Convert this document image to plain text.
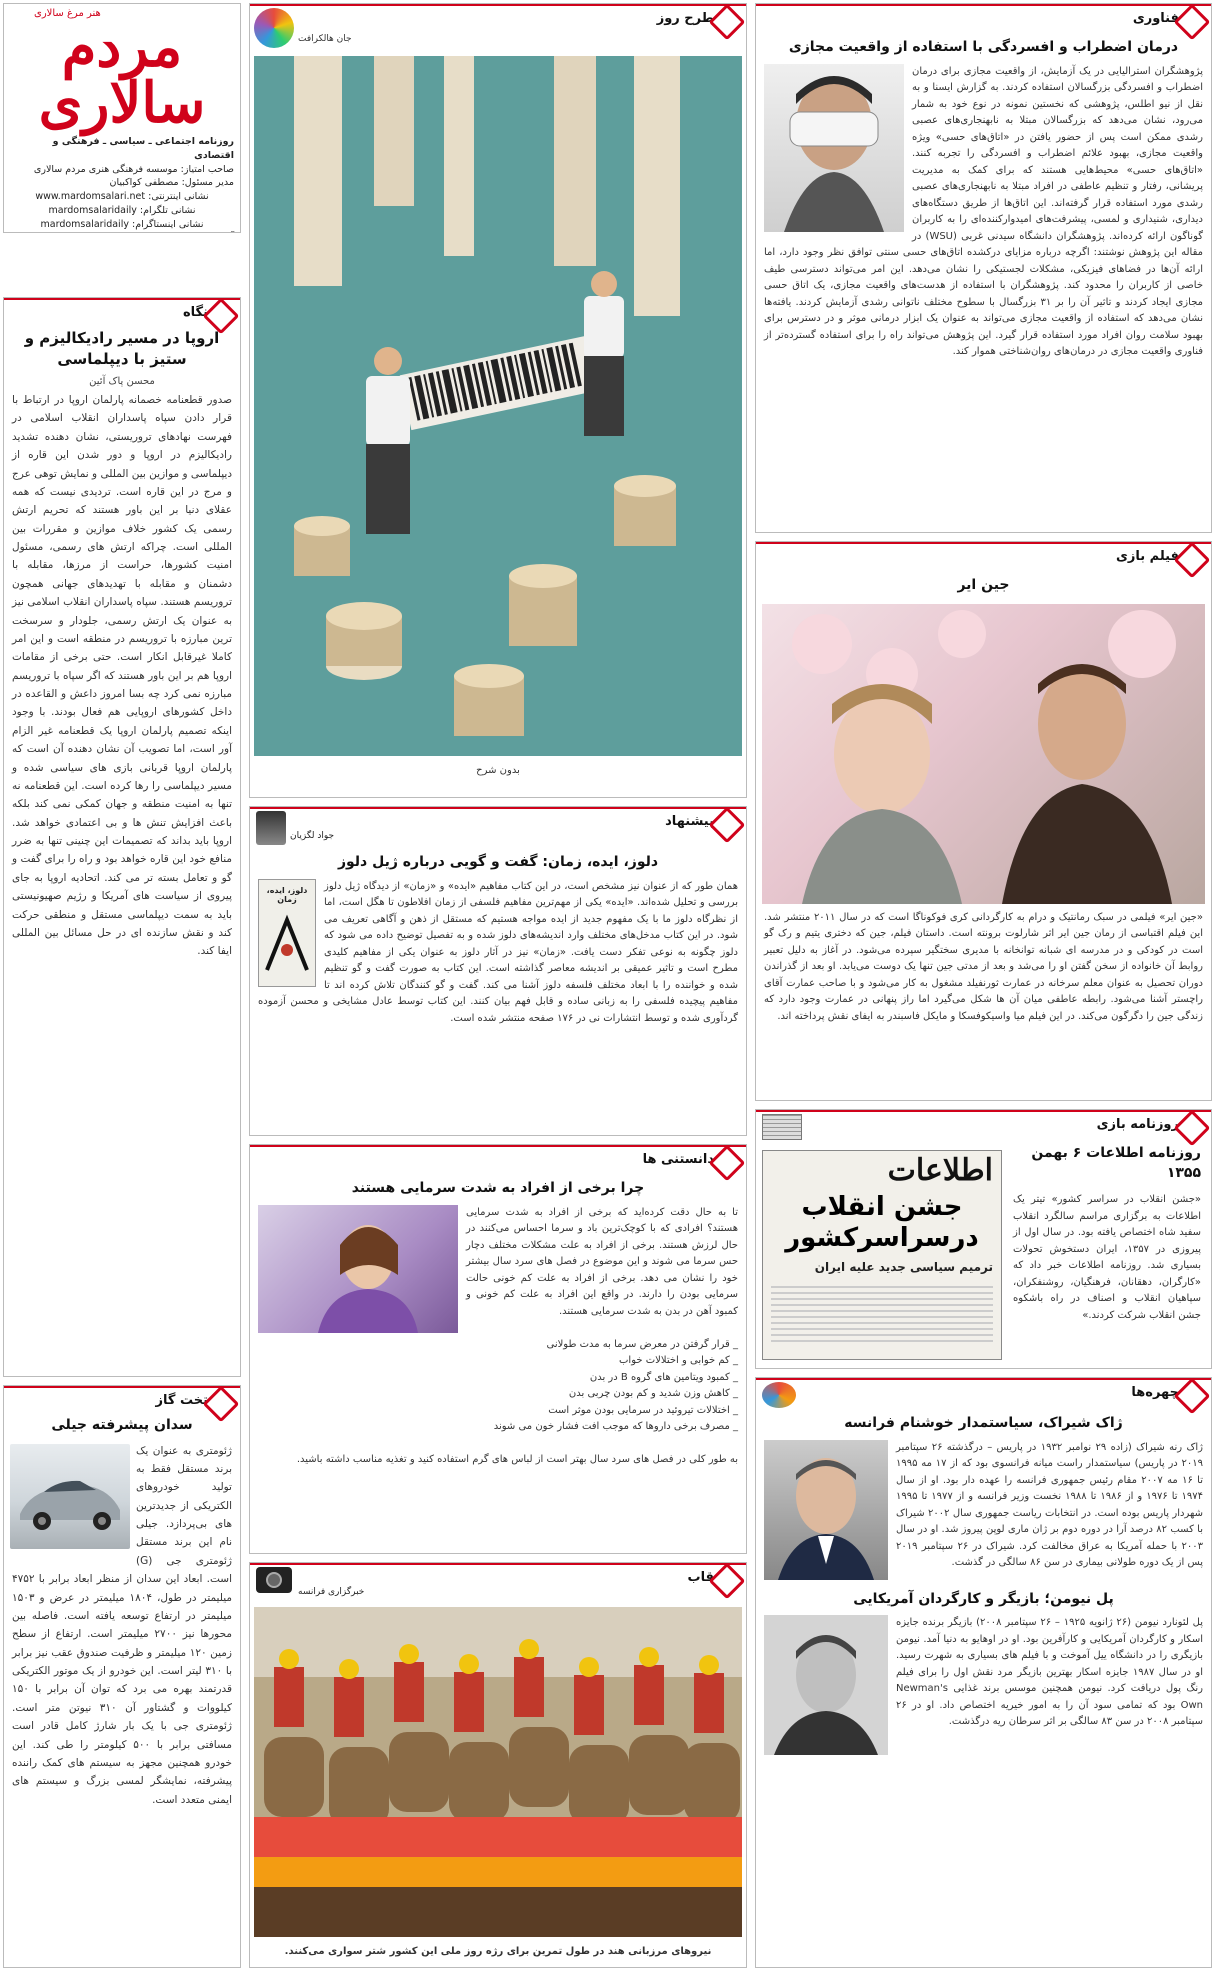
هنر مرغ سالاری
مردم سالاری
روزنامه اجتماعی ـ سیاسی ـ فرهنگی و اقتصادی
صاحب امتیاز: موسسه فرهنگی هنری مردم سالاری
مدیر مسئول: مصطفی کواکبیان
نشانی اینترنتی: www.mardomsalari.net
نشانی تلگرام: mardomsalaridaily
نشانی اینستاگرام: mardomsalaridaily
نگاه
اروپا در مسیر رادیکالیزم و ستیز با دیپلماسی
محسن پاک آئین
صدور قطعنامه خصمانه پارلمان اروپا در ارتباط با قرار دادن سپاه پاسداران انقلاب اسلامی در فهرست نهادهای تروریستی، نشان دهنده تشدید رادیکالیزم در اروپا و دور شدن این قاره از دیپلماسی و موازین بین المللی و نمایش توهی عرج و مرج در این قاره است. تردیدی نیست که همه عقلای دنیا بر این باور هستند که تحریم ارتش رسمی یک کشور خلاف موازین و مقررات بین المللی است. چراکه ارتش های رسمی، مسئول امنیت کشورها، حراست از مرزها، مقابله با دشمنان و مقابله با تهدیدهای جهانی همچون تروریسم هستند. سپاه پاسداران انقلاب اسلامی نیز به عنوان یک ارتش رسمی، جلودار و سرسخت ترین مبارزه با تروریسم در منطقه است و این امر کاملا غیرقابل انکار است. حتی برخی از مقامات اروپا هم بر این باور هستند که اگر سپاه با تروریسم مبارزه نمی کرد چه بسا امروز داعش و القاعده در داخل کشورهای اروپایی هم فعال بودند. با وجود اینکه تصمیم پارلمان اروپا یک قطعنامه غیر الزام آور است، اما تصویب آن نشان دهنده آن است که پارلمان اروپا قربانی بازی های سیاسی شده و مسیر دیپلماسی را رها کرده است. این قطعنامه نه تنها به امنیت منطقه و جهان کمکی نمی کند بلکه باعث افزایش تنش ها و بی اعتمادی خواهد شد. اروپا باید بداند که تصمیمات این چنینی تنها به ضرر منافع خود این قاره خواهد بود و راه را برای گفت و گو و تعامل بسته تر می کند. اتحادیه اروپا به جای پیروی از سیاست های آمریکا و رژیم صهیونیستی باید به سمت دیپلماسی مستقل و منطقی حرکت کند و نقش سازنده ای در حل مسائل بین المللی ایفا کند.
تخت گاز
سدان پیشرفته جیلی
ژئومتری به عنوان یک برند مستقل فقط به تولید خودروهای الکتریکی از جدیدترین های بی‌پردازد. جیلی نام این برند مستقل ژئومتری جی (G) است. ابعاد این سدان از منظر ابعاد برابر با ۴۷۵۲ میلیمتر در طول، ۱۸۰۴ میلیمتر در عرض و ۱۵۰۳ میلیمتر در ارتفاع توسعه یافته است. فاصله بین محورها نیز ۲۷۰۰ میلیمتر است. ارتفاع از سطح زمین ۱۲۰ میلیمتر و ظرفیت صندوق عقب نیز برابر با ۳۱۰ لیتر است. این خودرو از یک موتور الکتریکی قدرتمند بهره می برد که توان آن برابر با ۱۵۰ کیلووات و گشتاور آن ۳۱۰ نیوتن متر است. ژئومتری جی با یک بار شارژ کامل قادر است مسافتی برابر با ۵۰۰ کیلومتر را طی کند. این خودرو همچنین مجهز به سیستم های کمک راننده پیشرفته، نمایشگر لمسی بزرگ و سیستم های ایمنی متعدد است.
طرح روز
جان هالکرافت
بدون شرح
پیشنهاد
جواد لگزیان
دلوز، ایده، زمان: گفت و گویی درباره ژیل دلوز
دلوز، ایده، زمان
همان طور که از عنوان نیز مشخص است، در این کتاب مفاهیم «ایده» و «زمان» از دیدگاه ژیل دلوز بررسی و تحلیل شده‌اند. «ایده» یکی از مهم‌ترین مفاهیم فلسفی از زمان افلاطون تا هگل است، اما از نظرگاه دلوز ما با یک مفهوم جدید از ایده مواجه هستیم که مستقل از ذهن و آگاهی تعریف می شود. در این کتاب مدخل‌های مختلف وارد اندیشه‌های دلوز شده و به تفصیل توضیح داده می شود که دلوز چگونه به نوعی تفکر دست یافت. «زمان» نیز در آثار دلوز به عنوان یکی از مفاهیم کلیدی مطرح است و تاثیر عمیقی بر اندیشه معاصر گذاشته است. این کتاب به صورت گفت و گو تنظیم شده و خواننده را با ابعاد مختلف فلسفه دلوز آشنا می کند. گفت و گو کنندگان تلاش کرده اند تا مفاهیم پیچیده فلسفی را به زبانی ساده و قابل فهم بیان کنند. این کتاب توسط عادل مشایخی و محسن آزموده گردآوری شده و توسط انتشارات نی در ۱۷۶ صفحه منتشر شده است.
دانستنی ها
چرا برخی از افراد به شدت سرمایی هستند
تا به حال دقت کرده‌اید که برخی از افراد به شدت سرمایی هستند؟ افرادی که با کوچک‌ترین باد و سرما احساس می‌کنند در حال لرزش هستند. برخی از افراد به علت مشکلات مختلف دچار حس سرما می شوند و این موضوع در فصل های سرد سال بیشتر خود را نشان می دهد. برخی از افراد به علت کم خونی حالت سرمایی بودن را دارند. در واقع این افراد به علت کم خونی و کمبود آهن در بدن به شدت سرمایی هستند.

_ قرار گرفتن در معرض سرما به مدت طولانی
_ کم خوابی و اختلالات خواب
_ کمبود ویتامین های گروه B در بدن
_ کاهش وزن شدید و کم بودن چربی بدن
_ اختلالات تیروئید در سرمایی بودن موثر است
_ مصرف برخی داروها که موجب افت فشار خون می شوند

به طور کلی در فصل های سرد سال بهتر است از لباس های گرم استفاده کنید و تغذیه مناسب داشته باشید.
قاب
خبرگزاری فرانسه
نیروهای مرزبانی هند در طول تمرین برای رژه روز ملی این کشور شتر سواری می‌کنند.
فناوری
درمان اضطراب و افسردگی با استفاده از واقعیت مجازی
پژوهشگران استرالیایی در یک آزمایش، از واقعیت مجازی برای درمان اضطراب و افسردگی بزرگسالان استفاده کردند. به گزارش ایسنا و به نقل از نیو اطلس، پژوهشی که نخستین نمونه در نوع خود به شمار می‌رود، نشان می‌دهد که بزرگسالان مبتلا به نابهنجاری‌های عصبی رشدی ممکن است پس از حضور یافتن در «اتاق‌های حسی» ویژه واقعیت مجازی، بهبود علائم اضطراب و افسردگی را تجربه کنند. «اتاق‌های حسی» محیط‌هایی هستند که برای کمک به مدیریت پریشانی، رفتار و تنظیم عاطفی در افراد مبتلا به نابهنجاری‌های عصبی رشدی مورد استفاده قرار گرفته‌اند. این اتاق‌ها از طریق دستگاه‌های دیداری، شنیداری و لمسی، پیشرفت‌های امیدوارکننده‌ای را به کاربران گوناگون ارائه کرده‌اند. پژوهشگران دانشگاه سیدنی غربی (WSU) در مقاله این پژوهش نوشتند: اگرچه درباره مزایای درکشده اتاق‌های حسی سنتی توافق نظر وجود دارد، اما ارائه آن‌ها در فضاهای فیزیکی، مشکلات لجستیکی را نشان می‌دهد. این امر می‌تواند دسترسی طیف خاصی از کاربران را محدود کند. پژوهشگران با استفاده از هدست‌های واقعیت مجازی، یک اتاق حسی مجازی ایجاد کردند و تاثیر آن را بر ۳۱ بزرگسال با سطوح مختلف ناتوانی رشدی آزمایش کردند. یافته‌ها نشان می‌دهد که استفاده از واقعیت مجازی می‌تواند به عنوان یک ابزار درمانی موثر و در دسترس برای بهبود سلامت روان افراد مورد استفاده قرار گیرد. این پژوهش می‌تواند راه را برای استفاده گسترده‌تر از فناوری واقعیت مجازی در درمان‌های روان‌شناختی هموار کند.
فیلم بازی
جین ایر
«جین ایر» فیلمی در سبک رمانتیک و درام به کارگردانی کری فوکوناگا است که در سال ۲۰۱۱ منتشر شد. این فیلم اقتباسی از رمان جین ایر اثر شارلوت برونته است. داستان فیلم، جین که دختری یتیم و رک گو است در کودکی و در مدرسه ای شبانه توانخانه با مدیری سختگیر سپرده می‌شود. در آغاز به دلیل تعبیر روابط آن خانواده از سخن گفتن او را می‌شد و بعد از مدتی جین تنها یک دوست می‌یابد. او بعد از گذراندن دوران تحصیل به عنوان معلم سرخانه در عمارت ثورنفیلد مشغول به کار می‌شود و با صاحب عمارت آقای راچستر آشنا می‌شود. رابطه عاطفی میان آن ها شکل می‌گیرد اما راز پنهانی در عمارت وجود دارد که زندگی جین را دگرگون می‌کند. در این فیلم میا واسیکوفسکا و مایکل فاسبندر به ایفای نقش پرداخته اند.
روزنامه بازی
اطلاعات
جشن انقلاب درسراسرکشور
ترمیم سیاسی جدید علیه ایران
روزنامه اطلاعات ۶ بهمن ۱۳۵۵
«جشن انقلاب در سراسر کشور» تیتر یک اطلاعات به برگزاری مراسم سالگرد انقلاب سفید شاه اختصاص یافته بود. در سال اول از پیروزی در ۱۳۵۷، ایران دستخوش تحولات بسیاری شد. روزنامه اطلاعات خبر داد که «کارگران، دهقانان، فرهنگیان، روشنفکران، سپاهیان انقلاب و اصناف در راه باشکوه جشن انقلاب شرکت کردند.»
چهره‌ها
ژاک شیراک، سیاستمدار خوشنام فرانسه
ژاک رنه شیراک (زاده ۲۹ نوامبر ۱۹۳۲ در پاریس – درگذشته ۲۶ سپتامبر ۲۰۱۹ در پاریس) سیاستمدار راست میانه فرانسوی بود که از ۱۷ مه ۱۹۹۵ تا ۱۶ مه ۲۰۰۷ مقام رئیس جمهوری فرانسه را عهده دار بود. او از سال ۱۹۷۴ تا ۱۹۷۶ و از ۱۹۸۶ تا ۱۹۸۸ نخست وزیر فرانسه و از ۱۹۷۷ تا ۱۹۹۵ شهردار پاریس بوده است. در انتخابات ریاست جمهوری سال ۲۰۰۲ شیراک با کسب ۸۲ درصد آرا در دوره دوم بر ژان ماری لوپن پیروز شد. او در سال ۲۰۰۳ با حمله آمریکا به عراق مخالفت کرد. شیراک در ۲۶ سپتامبر ۲۰۱۹ پس از یک دوره طولانی بیماری در سن ۸۶ سالگی در گذشت.
پل نیومن؛ بازیگر و کارگردان آمریکایی
پل لئونارد نیومن (۲۶ ژانویه ۱۹۲۵ – ۲۶ سپتامبر ۲۰۰۸) بازیگر برنده جایزه اسکار و کارگردان آمریکایی و کارآفرین بود. او در اوهایو به دنیا آمد. نیومن بازیگری را در دانشگاه ییل آموخت و با فیلم های بسیاری به شهرت رسید. او در سال ۱۹۸۷ جایزه اسکار بهترین بازیگر مرد نقش اول را برای فیلم رنگ پول دریافت کرد. نیومن همچنین موسس برند غذایی Newman's Own بود که تمامی سود آن را به امور خیریه اختصاص داد. او در ۲۶ سپتامبر ۲۰۰۸ در سن ۸۳ سالگی بر اثر سرطان ریه درگذشت.
